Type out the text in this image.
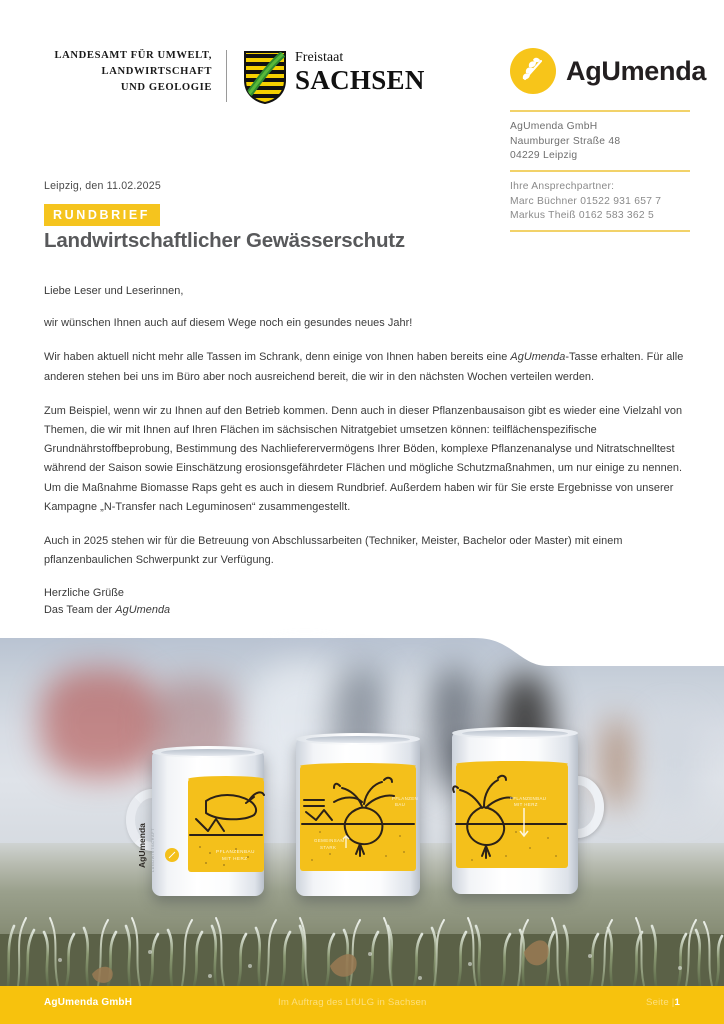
LANDESAMT FÜR UMWELT,
LANDWIRTSCHAFT
UND GEOLOGIE
Freistaat
SACHSEN	AgUmenda
AgUmenda GmbH
Naumburger Straße 48
04229 Leipzig
Ihre Ansprechpartner:
Marc Büchner 01522 931 657 7
Markus Theiß 0162 583 362 5
Leipzig, den 11.02.2025
RUNDBRIEF
Landwirtschaftlicher Gewässerschutz

Liebe Leser und Leserinnen,

wir wünschen Ihnen auch auf diesem Wege noch ein gesundes neues Jahr!

Wir haben aktuell nicht mehr alle Tassen im Schrank, denn einige von Ihnen haben bereits eine AgUmenda-Tasse erhalten. Für alle anderen stehen bei uns im Büro aber noch ausreichend bereit, die wir in den nächsten Wochen verteilen werden.

Zum Beispiel, wenn wir zu Ihnen auf den Betrieb kommen. Denn auch in dieser Pflanzenbausaison gibt es wieder eine Vielzahl von Themen, die wir mit Ihnen auf Ihren Flächen im sächsischen Nitratgebiet umsetzen können: teilflächenspezifische Grundnährstoffbeprobung, Bestimmung des Nachlieferervermögens Ihrer Böden, komplexe Pflanzenanalyse und Nitratschnelltest während der Saison sowie Einschätzung erosionsgefährdeter Flächen und mögliche Schutzmaßnahmen, um nur einige zu nennen. Um die Maßnahme Biomasse Raps geht es auch in diesem Rundbrief. Außerdem haben wir für Sie erste Ergebnisse von unserer Kampagne „N-Transfer nach Leguminosen“ zusammengestellt.

Auch in 2025 stehen wir für die Betreuung von Abschlussarbeiten (Techniker, Meister, Bachelor oder Master) mit einem pflanzenbaulichen Schwerpunkt zur Verfügung.

Herzliche Grüße
Das Team der AgUmenda

PFLANZENBAU
MIT HERZ
AgUmenda LANDWIRTSCHAFT	GEMEINSAM
STARK
PFLANZEN
BAU
PFLANZENBAU
MIT HERZ
AgUmenda GmbH	Im Auftrag des LfULG in Sachsen	Seite |1
